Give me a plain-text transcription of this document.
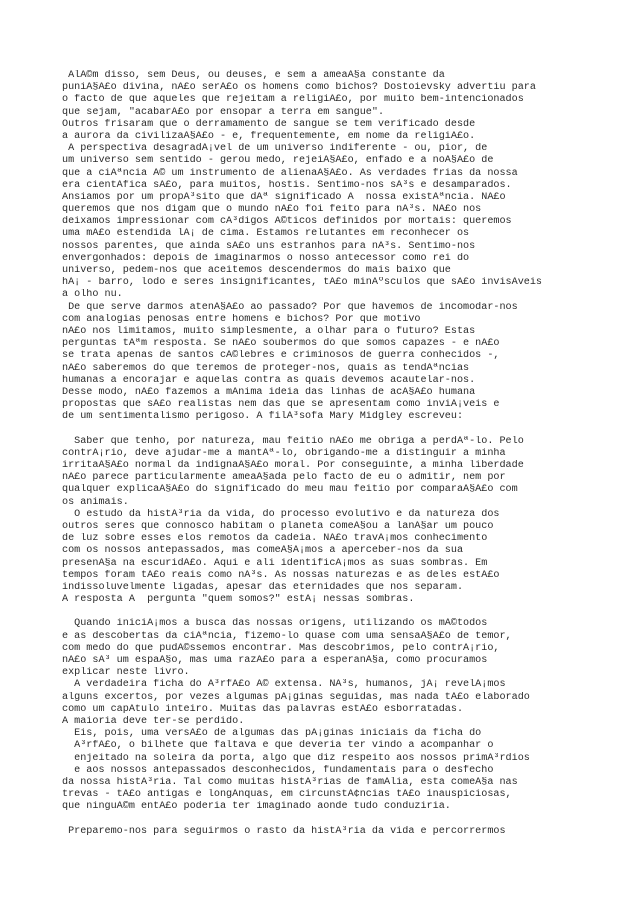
AlÃ©m disso, sem Deus, ou deuses, e sem a ameaÃ§a constante da
puniÃ§Ã£o divina, nÃ£o serÃ£o os homens como bichos? Dostoievsky advertiu para
o facto de que aqueles que rejeitam a religiÃ£o, por muito bem-intencionados
que sejam, "acabarÃ£o por ensopar a terra em sangue".
Outros frisaram que o derramamento de sangue se tem verificado desde
a aurora da civilizaÃ§Ã£o - e, frequentemente, em nome da religiÃ£o.
A perspectiva desagradÃ¡vel de um universo indiferente - ou, pior, de
um universo sem sentido - gerou medo, rejeiÃ§Ã£o, enfado e a noÃ§Ã£o de
que a ciÃªncia Ã© um instrumento de alienaÃ§Ã£o. As verdades frias da nossa
era cientÃfica sÃ£o, para muitos, hostis. Sentimo-nos sÃ³s e desamparados.
Ansiamos por um propÃ³sito que dÃª significado Ã  nossa existÃªncia. NÃ£o
queremos que nos digam que o mundo nÃ£o foi feito para nÃ³s. NÃ£o nos
deixamos impressionar com cÃ³digos Ã©ticos definidos por mortais: queremos
uma mÃ£o estendida lÃ¡ de cima. Estamos relutantes em reconhecer os
nossos parentes, que ainda sÃ£o uns estranhos para nÃ³s. Sentimo-nos
envergonhados: depois de imaginarmos o nosso antecessor como rei do
universo, pedem-nos que aceitemos descendermos do mais baixo que
hÃ¡ - barro, lodo e seres insignificantes, tÃ£o minÃºsculos que sÃ£o invisÃveis
a olho nu.
De que serve darmos atenÃ§Ã£o ao passado? Por que havemos de incomodar-nos
com analogias penosas entre homens e bichos? Por que motivo
nÃ£o nos limitamos, muito simplesmente, a olhar para o futuro? Estas
perguntas tÃªm resposta. Se nÃ£o soubermos do que somos capazes - e nÃ£o
se trata apenas de santos cÃ©lebres e criminosos de guerra conhecidos -,
nÃ£o saberemos do que teremos de proteger-nos, quais as tendÃªncias
humanas a encorajar e aquelas contra as quais devemos acautelar-nos.
Desse modo, nÃ£o fazemos a mÃnima ideia das linhas de acÃ§Ã£o humana
propostas que sÃ£o realistas nem das que se apresentam como inviÃ¡veis e
de um sentimentalismo perigoso. A filÃ³sofa Mary Midgley escreveu:
Saber que tenho, por natureza, mau feitio nÃ£o me obriga a perdÃª-lo. Pelo
contrÃ¡rio, deve ajudar-me a mantÃª-lo, obrigando-me a distinguir a minha
irritaÃ§Ã£o normal da indignaÃ§Ã£o moral. Por conseguinte, a minha liberdade
nÃ£o parece particularmente ameaÃ§ada pelo facto de eu o admitir, nem por
qualquer explicaÃ§Ã£o do significado do meu mau feitio por comparaÃ§Ã£o com
os animais.
O estudo da histÃ³ria da vida, do processo evolutivo e da natureza dos
outros seres que connosco habitam o planeta comeÃ§ou a lanÃ§ar um pouco
de luz sobre esses elos remotos da cadeia. NÃ£o travÃ¡mos conhecimento
com os nossos antepassados, mas comeÃ§Ã¡mos a aperceber-nos da sua
presenÃ§a na escuridÃ£o. Aqui e ali identificÃ¡mos as suas sombras. Em
tempos foram tÃ£o reais como nÃ³s. As nossas naturezas e as deles estÃ£o
indissoluvelmente ligadas, apesar das eternidades que nos separam.
A resposta Ã  pergunta "quem somos?" estÃ¡ nessas sombras.
Quando iniciÃ¡mos a busca das nossas origens, utilizando os mÃ©todos
e as descobertas da ciÃªncia, fizemo-lo quase com uma sensaÃ§Ã£o de temor,
com medo do que pudÃ©ssemos encontrar. Mas descobrimos, pelo contrÃ¡rio,
nÃ£o sÃ³ um espaÃ§o, mas uma razÃ£o para a esperanÃ§a, como procuramos
explicar neste livro.
A verdadeira ficha do Ã³rfÃ£o Ã© extensa. NÃ³s, humanos, jÃ¡ revelÃ¡mos
alguns excertos, por vezes algumas pÃ¡ginas seguidas, mas nada tÃ£o elaborado
como um capÃtulo inteiro. Muitas das palavras estÃ£o esborratadas.
A maioria deve ter-se perdido.
Eis, pois, uma versÃ£o de algumas das pÃ¡ginas iniciais da ficha do
Ã³rfÃ£o, o bilhete que faltava e que deveria ter vindo a acompanhar o
enjeitado na soleira da porta, algo que diz respeito aos nossos primÃ³rdios
e aos nossos antepassados desconhecidos, fundamentais para o desfecho
da nossa histÃ³ria. Tal como muitas histÃ³rias de famÃlia, esta comeÃ§a nas
trevas - tÃ£o antigas e longÃnquas, em circunstÃ¢ncias tÃ£o inauspiciosas,
que ninguÃ©m entÃ£o poderia ter imaginado aonde tudo conduziria.
Preparemo-nos para seguirmos o rasto da histÃ³ria da vida e percorrermos
